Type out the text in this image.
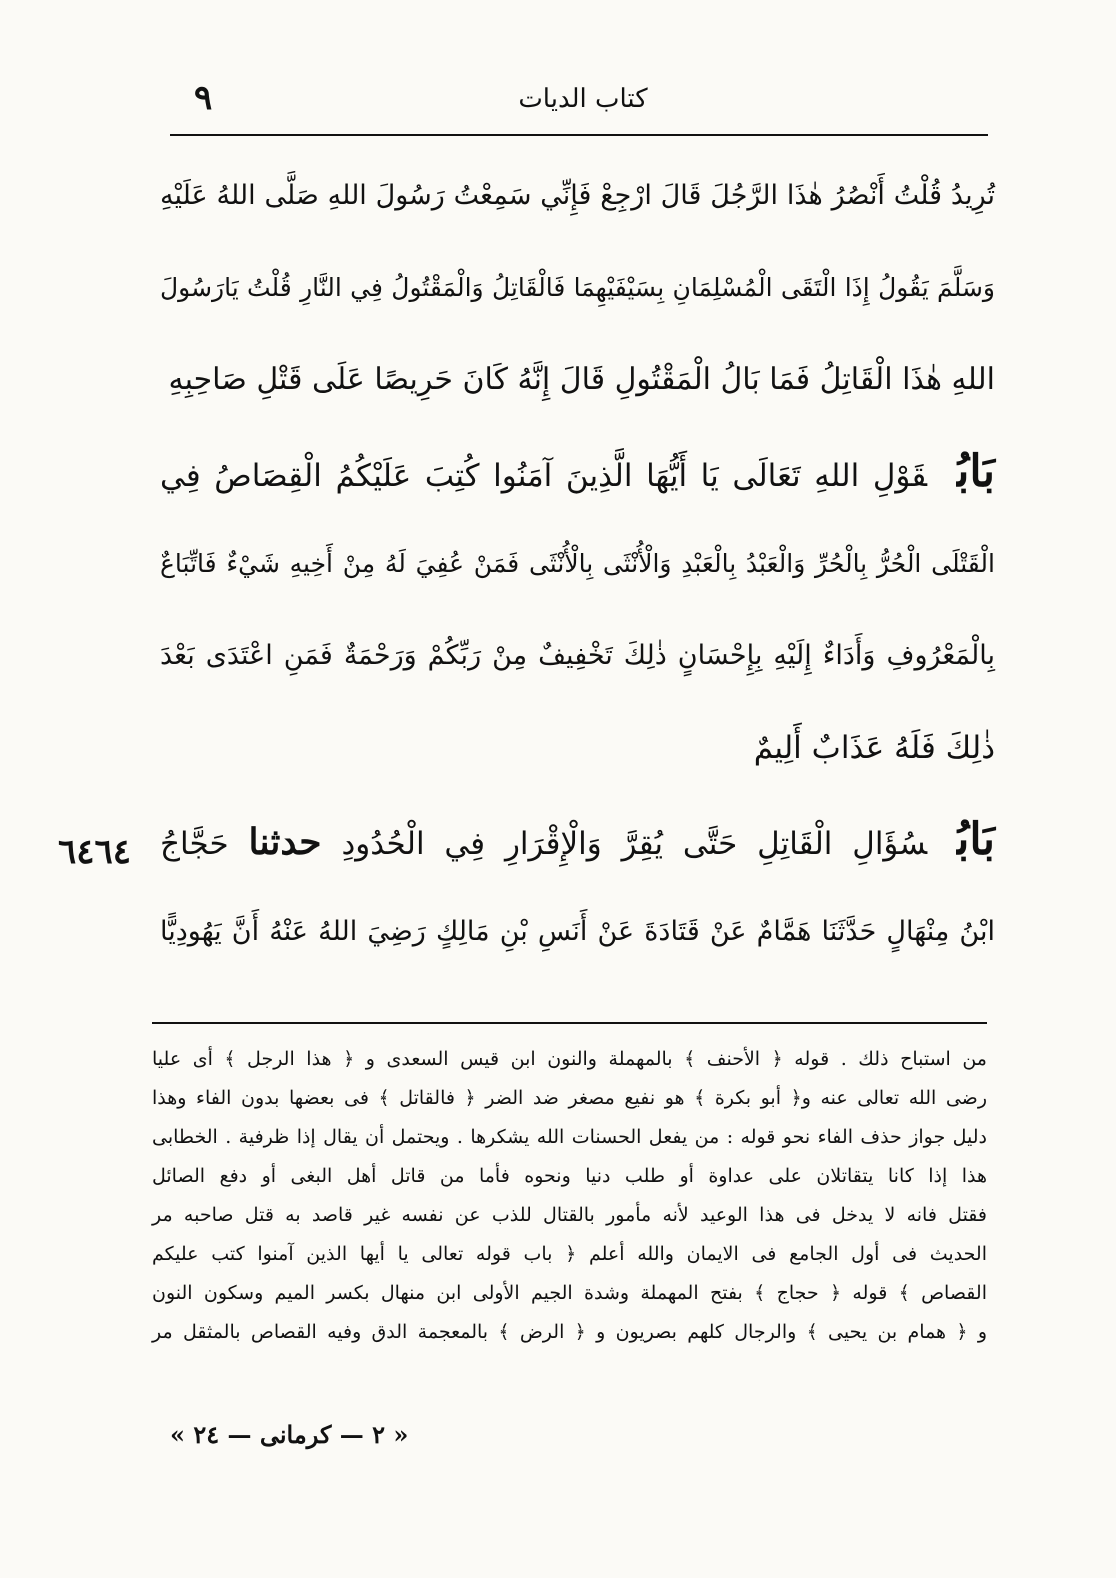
كتاب الديات
٩
تُرِيدُ قُلْتُ أَنْصُرُ هٰذَا الرَّجُلَ قَالَ ارْجِعْ فَإِنِّي سَمِعْتُ رَسُولَ اللهِ صَلَّى اللهُ عَلَيْهِ
وَسَلَّمَ يَقُولُ إِذَا الْتَقَى الْمُسْلِمَانِ بِسَيْفَيْهِمَا فَالْقَاتِلُ وَالْمَقْتُولُ فِي النَّارِ قُلْتُ يَارَسُولَ
اللهِ هٰذَا الْقَاتِلُ فَمَا بَالُ الْمَقْتُولِ قَالَ إِنَّهُ كَانَ حَرِيصًا عَلَى قَتْلِ صَاحِبِهِ
بَابُقَوْلِ اللهِ تَعَالَى يَا أَيُّهَا الَّذِينَ آمَنُوا كُتِبَ عَلَيْكُمُ الْقِصَاصُ فِي
الْقَتْلَى الْحُرُّ بِالْحُرِّ وَالْعَبْدُ بِالْعَبْدِ وَالْأُنْثَى بِالْأُنْثَى فَمَنْ عُفِيَ لَهُ مِنْ أَخِيهِ شَيْءٌ فَاتِّبَاعٌ
بِالْمَعْرُوفِ وَأَدَاءٌ إِلَيْهِ بِإِحْسَانٍ ذٰلِكَ تَخْفِيفٌ مِنْ رَبِّكُمْ وَرَحْمَةٌ فَمَنِ اعْتَدَى بَعْدَ
ذٰلِكَ فَلَهُ عَذَابٌ أَلِيمٌ
بَابُسُؤَالِ الْقَاتِلِ حَتَّى يُقِرَّ وَالْإِقْرَارِ فِي الْحُدُودِ حدثنا حَجَّاجُ
ابْنُ مِنْهَالٍ حَدَّثَنَا هَمَّامٌ عَنْ قَتَادَةَ عَنْ أَنَسِ بْنِ مَالِكٍ رَضِيَ اللهُ عَنْهُ أَنَّ يَهُودِيًّا
٦٤٦٤
من استباح ذلك . قوله ﴿ الأحنف ﴾ بالمهملة والنون ابن قيس السعدى و ﴿ هذا الرجل ﴾ أى عليا
رضى الله تعالى عنه و﴿ أبو بكرة ﴾ هو نفيع مصغر ضد الضر ﴿ فالقاتل ﴾ فى بعضها بدون الفاء وهذا
دليل جواز حذف الفاء نحو قوله : من يفعل الحسنات الله يشكرها . ويحتمل أن يقال إذا ظرفية . الخطابى
هذا إذا كانا يتقاتلان على عداوة أو طلب دنيا ونحوه فأما من قاتل أهل البغى أو دفع الصائل
فقتل فانه لا يدخل فى هذا الوعيد لأنه مأمور بالقتال للذب عن نفسه غير قاصد به قتل صاحبه مر
الحديث فى أول الجامع فى الايمان والله أعلم ﴿ باب قوله تعالى يا أيها الذين آمنوا كتب عليكم
القصاص ﴾ قوله ﴿ حجاج ﴾ بفتح المهملة وشدة الجيم الأولى ابن منهال بكسر الميم وسكون النون
و ﴿ همام بن يحيى ﴾ والرجال كلهم بصريون و ﴿ الرض ﴾ بالمعجمة الدق وفيه القصاص بالمثقل مر
« ٢ — كرمانى — ٢٤ »
